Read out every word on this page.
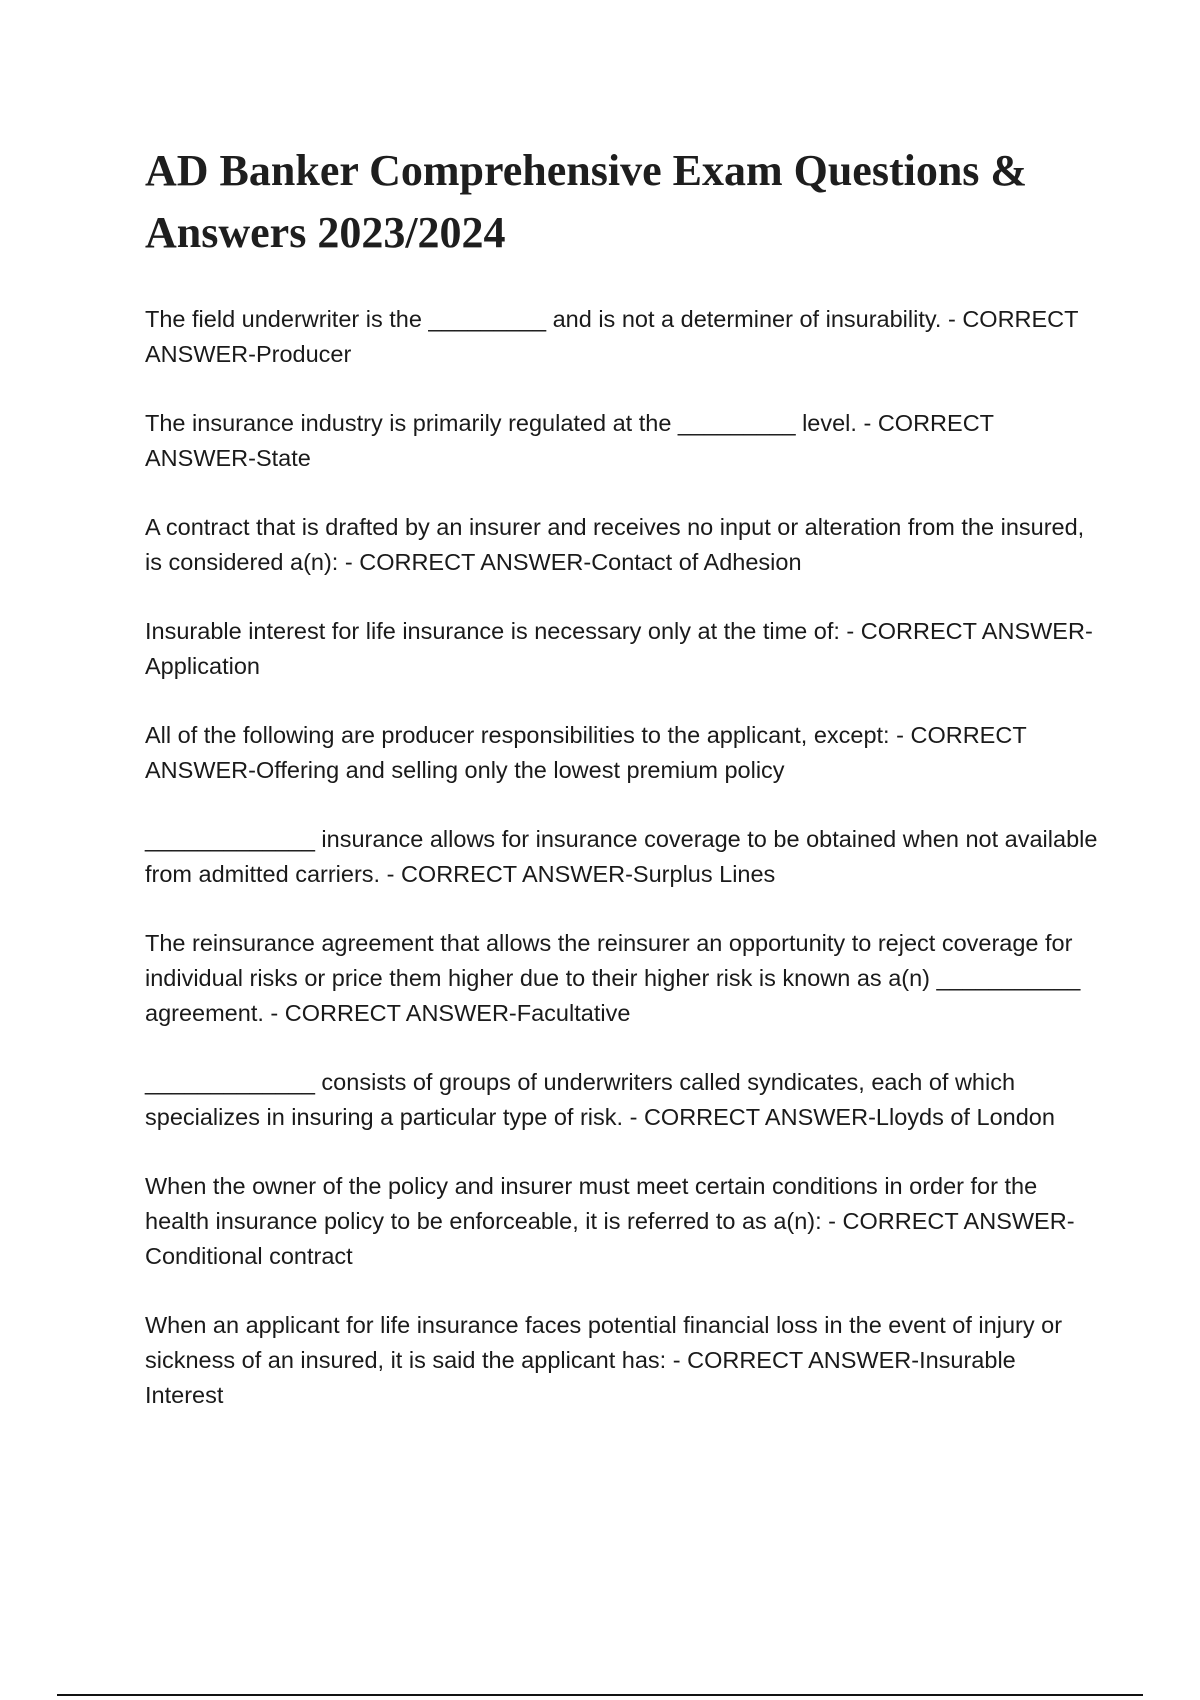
AD Banker Comprehensive Exam Questions & Answers 2023/2024

The field underwriter is the _________ and is not a determiner of insurability. - CORRECT ANSWER-Producer

The insurance industry is primarily regulated at the _________ level. - CORRECT ANSWER-State

A contract that is drafted by an insurer and receives no input or alteration from the insured, is considered a(n): - CORRECT ANSWER-Contact of Adhesion

Insurable interest for life insurance is necessary only at the time of: - CORRECT ANSWER-Application

All of the following are producer responsibilities to the applicant, except: - CORRECT ANSWER-Offering and selling only the lowest premium policy

_____________ insurance allows for insurance coverage to be obtained when not available from admitted carriers. - CORRECT ANSWER-Surplus Lines

The reinsurance agreement that allows the reinsurer an opportunity to reject coverage for individual risks or price them higher due to their higher risk is known as a(n) ___________ agreement. - CORRECT ANSWER-Facultative

_____________ consists of groups of underwriters called syndicates, each of which specializes in insuring a particular type of risk. - CORRECT ANSWER-Lloyds of London

When the owner of the policy and insurer must meet certain conditions in order for the health insurance policy to be enforceable, it is referred to as a(n): - CORRECT ANSWER-Conditional contract

When an applicant for life insurance faces potential financial loss in the event of injury or sickness of an insured, it is said the applicant has: - CORRECT ANSWER-Insurable Interest
